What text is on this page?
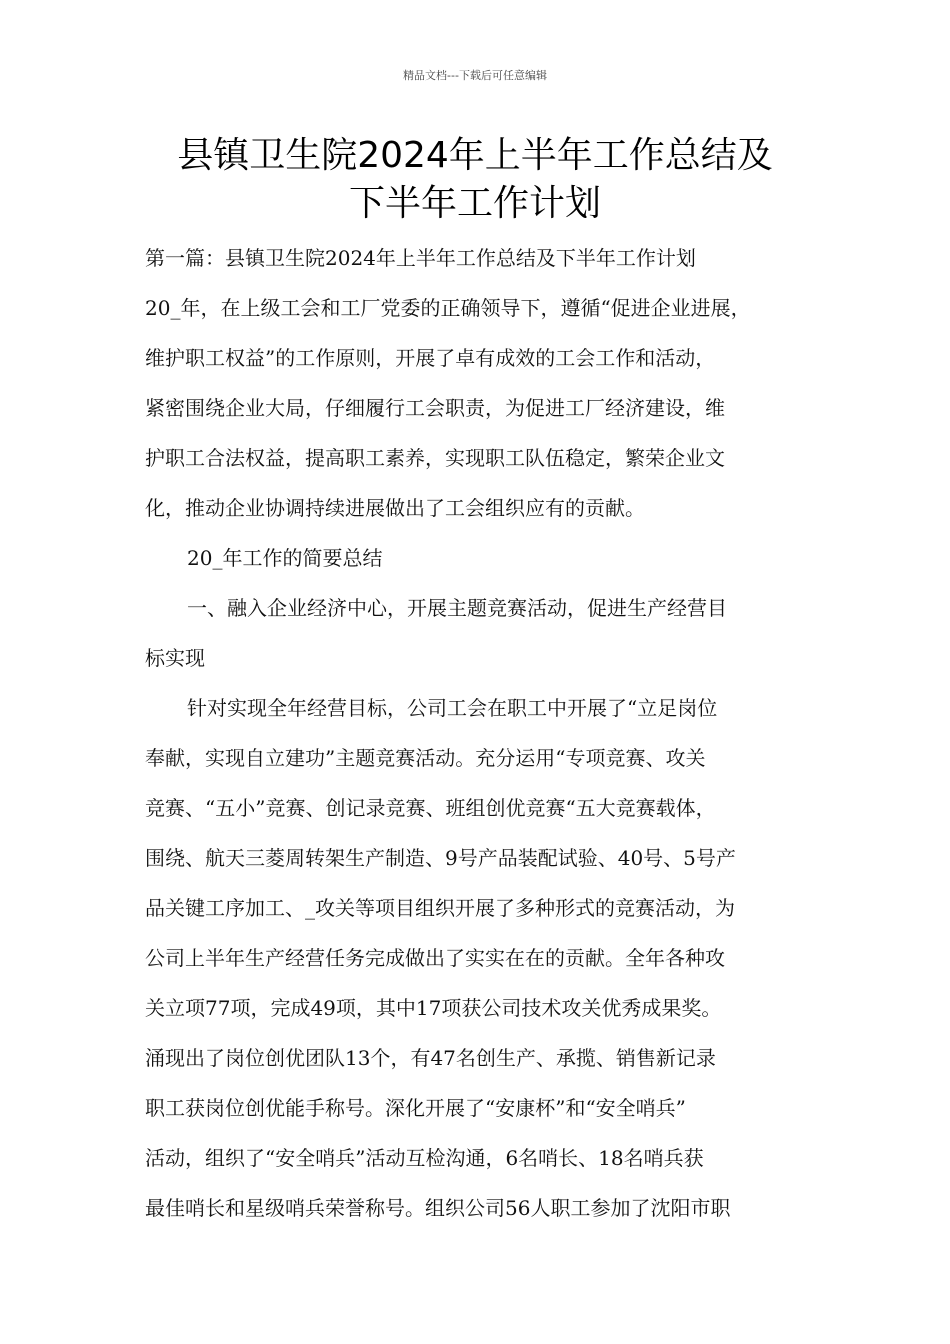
精品文档---下载后可任意编辑
县镇卫生院2024年上半年工作总结及
下半年工作计划
第一篇：县镇卫生院2024年上半年工作总结及下半年工作计划
20_年，在上级工会和工厂党委的正确领导下，遵循“促进企业进展，
维护职工权益”的工作原则，开展了卓有成效的工会工作和活动，
紧密围绕企业大局，仔细履行工会职责，为促进工厂经济建设，维
护职工合法权益，提高职工素养，实现职工队伍稳定，繁荣企业文
化，推动企业协调持续进展做出了工会组织应有的贡献。
20_年工作的简要总结
一、融入企业经济中心，开展主题竞赛活动，促进生产经营目
标实现
针对实现全年经营目标，公司工会在职工中开展了“立足岗位
奉献，实现自立建功”主题竞赛活动。充分运用“专项竞赛、攻关
竞赛、“五小”竞赛、创记录竞赛、班组创优竞赛“五大竞赛载体，
围绕、航天三菱周转架生产制造、9号产品装配试验、40号、5号产
品关键工序加工、_攻关等项目组织开展了多种形式的竞赛活动，为
公司上半年生产经营任务完成做出了实实在在的贡献。全年各种攻
关立项77项，完成49项，其中17项获公司技术攻关优秀成果奖。
涌现出了岗位创优团队13个，有47名创生产、承揽、销售新记录
职工获岗位创优能手称号。深化开展了“安康杯”和“安全哨兵”
活动，组织了“安全哨兵”活动互检沟通，6名哨长、18名哨兵获
最佳哨长和星级哨兵荣誉称号。组织公司56人职工参加了沈阳市职
